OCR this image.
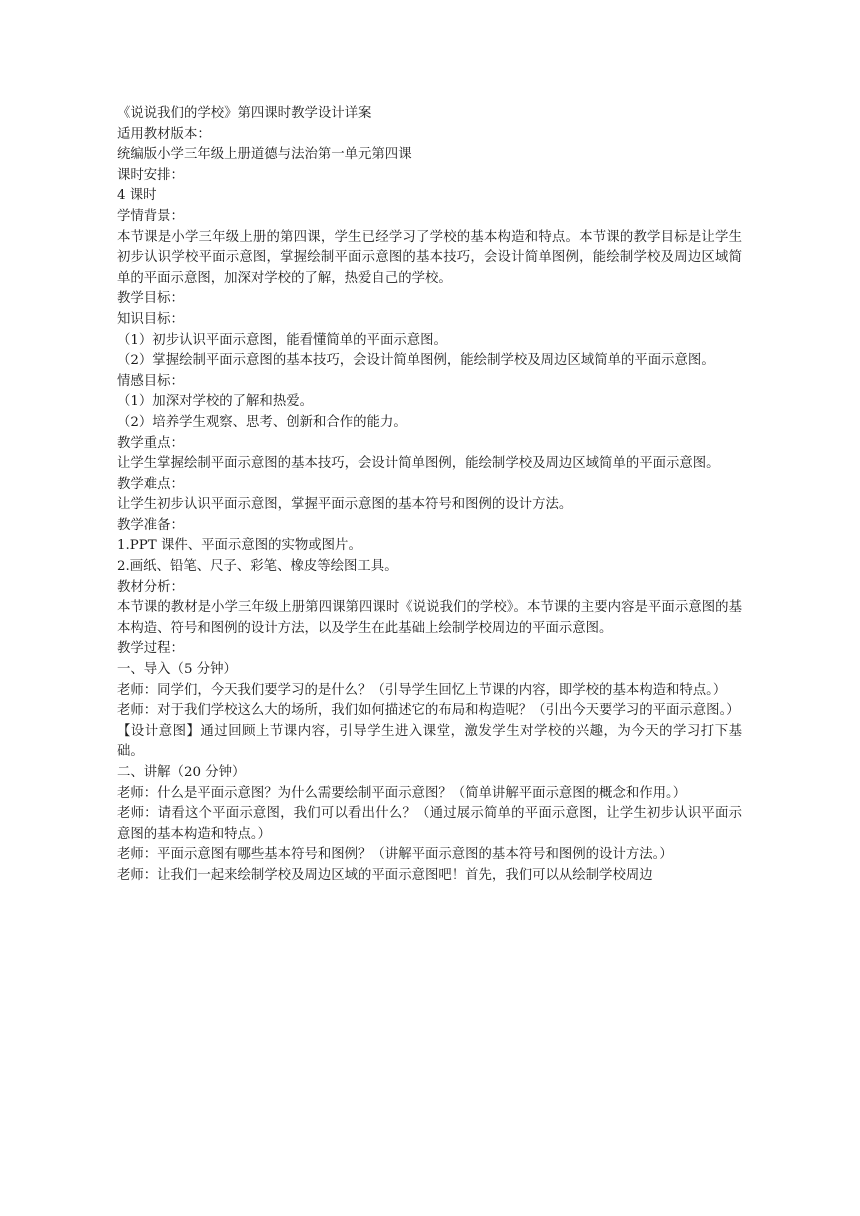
《说说我们的学校》第四课时教学设计详案

适用教材版本：

统编版小学三年级上册道德与法治第一单元第四课

课时安排：

4 课时

学情背景：

本节课是小学三年级上册的第四课，学生已经学习了学校的基本构造和特点。本节课的教学目标是让学生初步认识学校平面示意图，掌握绘制平面示意图的基本技巧，会设计简单图例，能绘制学校及周边区域简单的平面示意图，加深对学校的了解，热爱自己的学校。

教学目标：

知识目标：

（1）初步认识平面示意图，能看懂简单的平面示意图。

（2）掌握绘制平面示意图的基本技巧，会设计简单图例，能绘制学校及周边区域简单的平面示意图。

情感目标：

（1）加深对学校的了解和热爱。

（2）培养学生观察、思考、创新和合作的能力。

教学重点：

让学生掌握绘制平面示意图的基本技巧，会设计简单图例，能绘制学校及周边区域简单的平面示意图。

教学难点：

让学生初步认识平面示意图，掌握平面示意图的基本符号和图例的设计方法。

教学准备：

1.PPT 课件、平面示意图的实物或图片。

2.画纸、铅笔、尺子、彩笔、橡皮等绘图工具。

教材分析：

本节课的教材是小学三年级上册第四课第四课时《说说我们的学校》。本节课的主要内容是平面示意图的基本构造、符号和图例的设计方法，以及学生在此基础上绘制学校周边的平面示意图。

教学过程：

一、导入（5 分钟）

老师：同学们，今天我们要学习的是什么？（引导学生回忆上节课的内容，即学校的基本构造和特点。）

老师：对于我们学校这么大的场所，我们如何描述它的布局和构造呢？（引出今天要学习的平面示意图。）

【设计意图】通过回顾上节课内容，引导学生进入课堂，激发学生对学校的兴趣，为今天的学习打下基础。

二、讲解（20 分钟）

老师：什么是平面示意图？为什么需要绘制平面示意图？（简单讲解平面示意图的概念和作用。）

老师：请看这个平面示意图，我们可以看出什么？（通过展示简单的平面示意图，让学生初步认识平面示意图的基本构造和特点。）

老师：平面示意图有哪些基本符号和图例？（讲解平面示意图的基本符号和图例的设计方法。）

老师：让我们一起来绘制学校及周边区域的平面示意图吧！首先，我们可以从绘制学校周边
